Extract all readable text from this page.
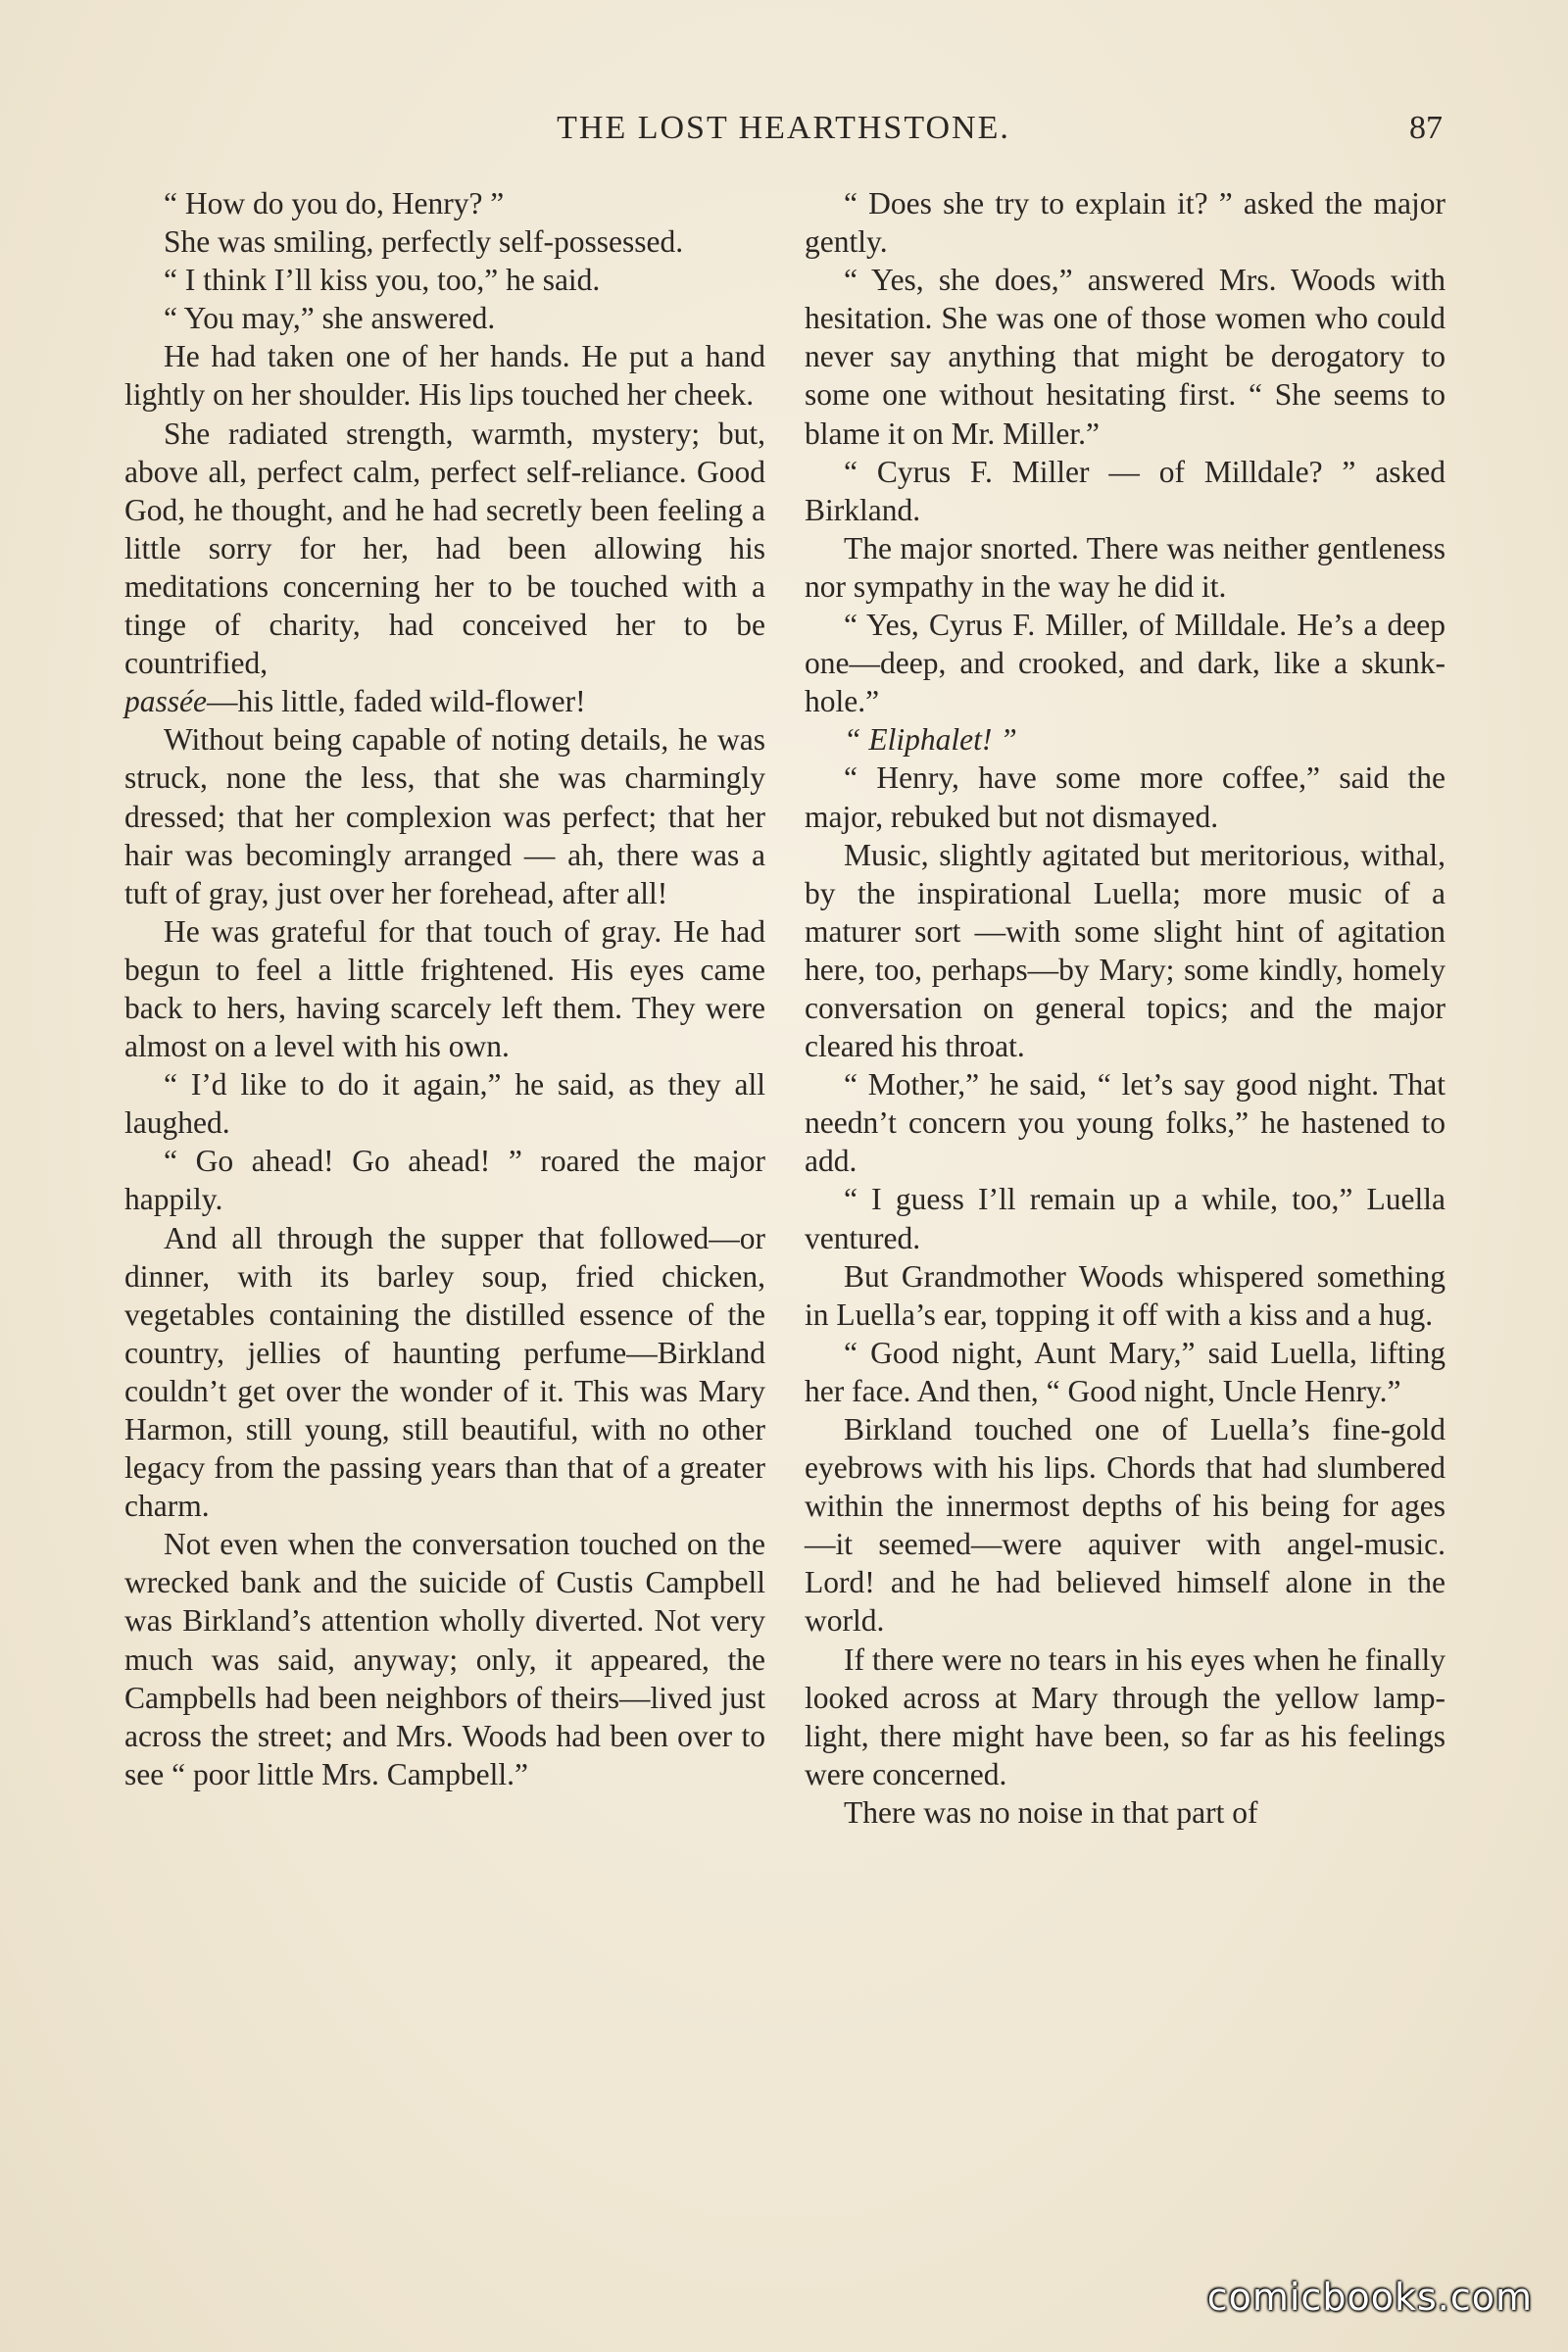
THE LOST HEARTHSTONE.	87

“ How do you do, Henry? ”

She was smiling, perfectly self-possessed.

“ I think I’ll kiss you, too,” he said.

“ You may,” she answered.

He had taken one of her hands. He put a hand lightly on her shoulder. His lips touched her cheek.

She radiated strength, warmth, mystery; but, above all, perfect calm, perfect self-reliance. Good God, he thought, and he had secretly been feeling a little sorry for her, had been allowing his meditations concerning her to be touched with a tinge of charity, had conceived her to be countrified,

passée—his little, faded wild-flower!

Without being capable of noting details, he was struck, none the less, that she was charmingly dressed; that her complexion was perfect; that her hair was becomingly arranged — ah, there was a tuft of gray, just over her forehead, after all!

He was grateful for that touch of gray. He had begun to feel a little frightened. His eyes came back to hers, having scarcely left them. They were almost on a level with his own.

“ I’d like to do it again,” he said, as they all laughed.

“ Go ahead! Go ahead! ” roared the major happily.

And all through the supper that followed—or dinner, with its barley soup, fried chicken, vegetables containing the distilled essence of the country, jellies of haunting perfume—Birkland couldn’t get over the wonder of it. This was Mary Harmon, still young, still beautiful, with no other legacy from the passing years than that of a greater charm.

Not even when the conversation touched on the wrecked bank and the suicide of Custis Campbell was Birkland’s attention wholly diverted. Not very much was said, anyway; only, it appeared, the Campbells had been neighbors of theirs—lived just across the street; and Mrs. Woods had been over to see “ poor little Mrs. Campbell.”

“ Does she try to explain it? ” asked the major gently.

“ Yes, she does,” answered Mrs. Woods with hesitation. She was one of those women who could never say anything that might be derogatory to some one without hesitating first. “ She seems to blame it on Mr. Miller.”

“ Cyrus F. Miller — of Milldale? ” asked Birkland.

The major snorted. There was neither gentleness nor sympathy in the way he did it.

“ Yes, Cyrus F. Miller, of Milldale. He’s a deep one—deep, and crooked, and dark, like a skunk-hole.”

“ Eliphalet! ”

“ Henry, have some more coffee,” said the major, rebuked but not dismayed.

Music, slightly agitated but meritorious, withal, by the inspirational Luella; more music of a maturer sort —with some slight hint of agitation here, too, perhaps—by Mary; some kindly, homely conversation on general topics; and the major cleared his throat.

“ Mother,” he said, “ let’s say good night. That needn’t concern you young folks,” he hastened to add.

“ I guess I’ll remain up a while, too,” Luella ventured.

But Grandmother Woods whispered something in Luella’s ear, topping it off with a kiss and a hug.

“ Good night, Aunt Mary,” said Luella, lifting her face. And then, “ Good night, Uncle Henry.”

Birkland touched one of Luella’s fine-gold eyebrows with his lips. Chords that had slumbered within the innermost depths of his being for ages —it seemed—were aquiver with angel-music. Lord! and he had believed himself alone in the world.

If there were no tears in his eyes when he finally looked across at Mary through the yellow lamp-light, there might have been, so far as his feelings were concerned.

There was no noise in that part of

comicbooks.com
